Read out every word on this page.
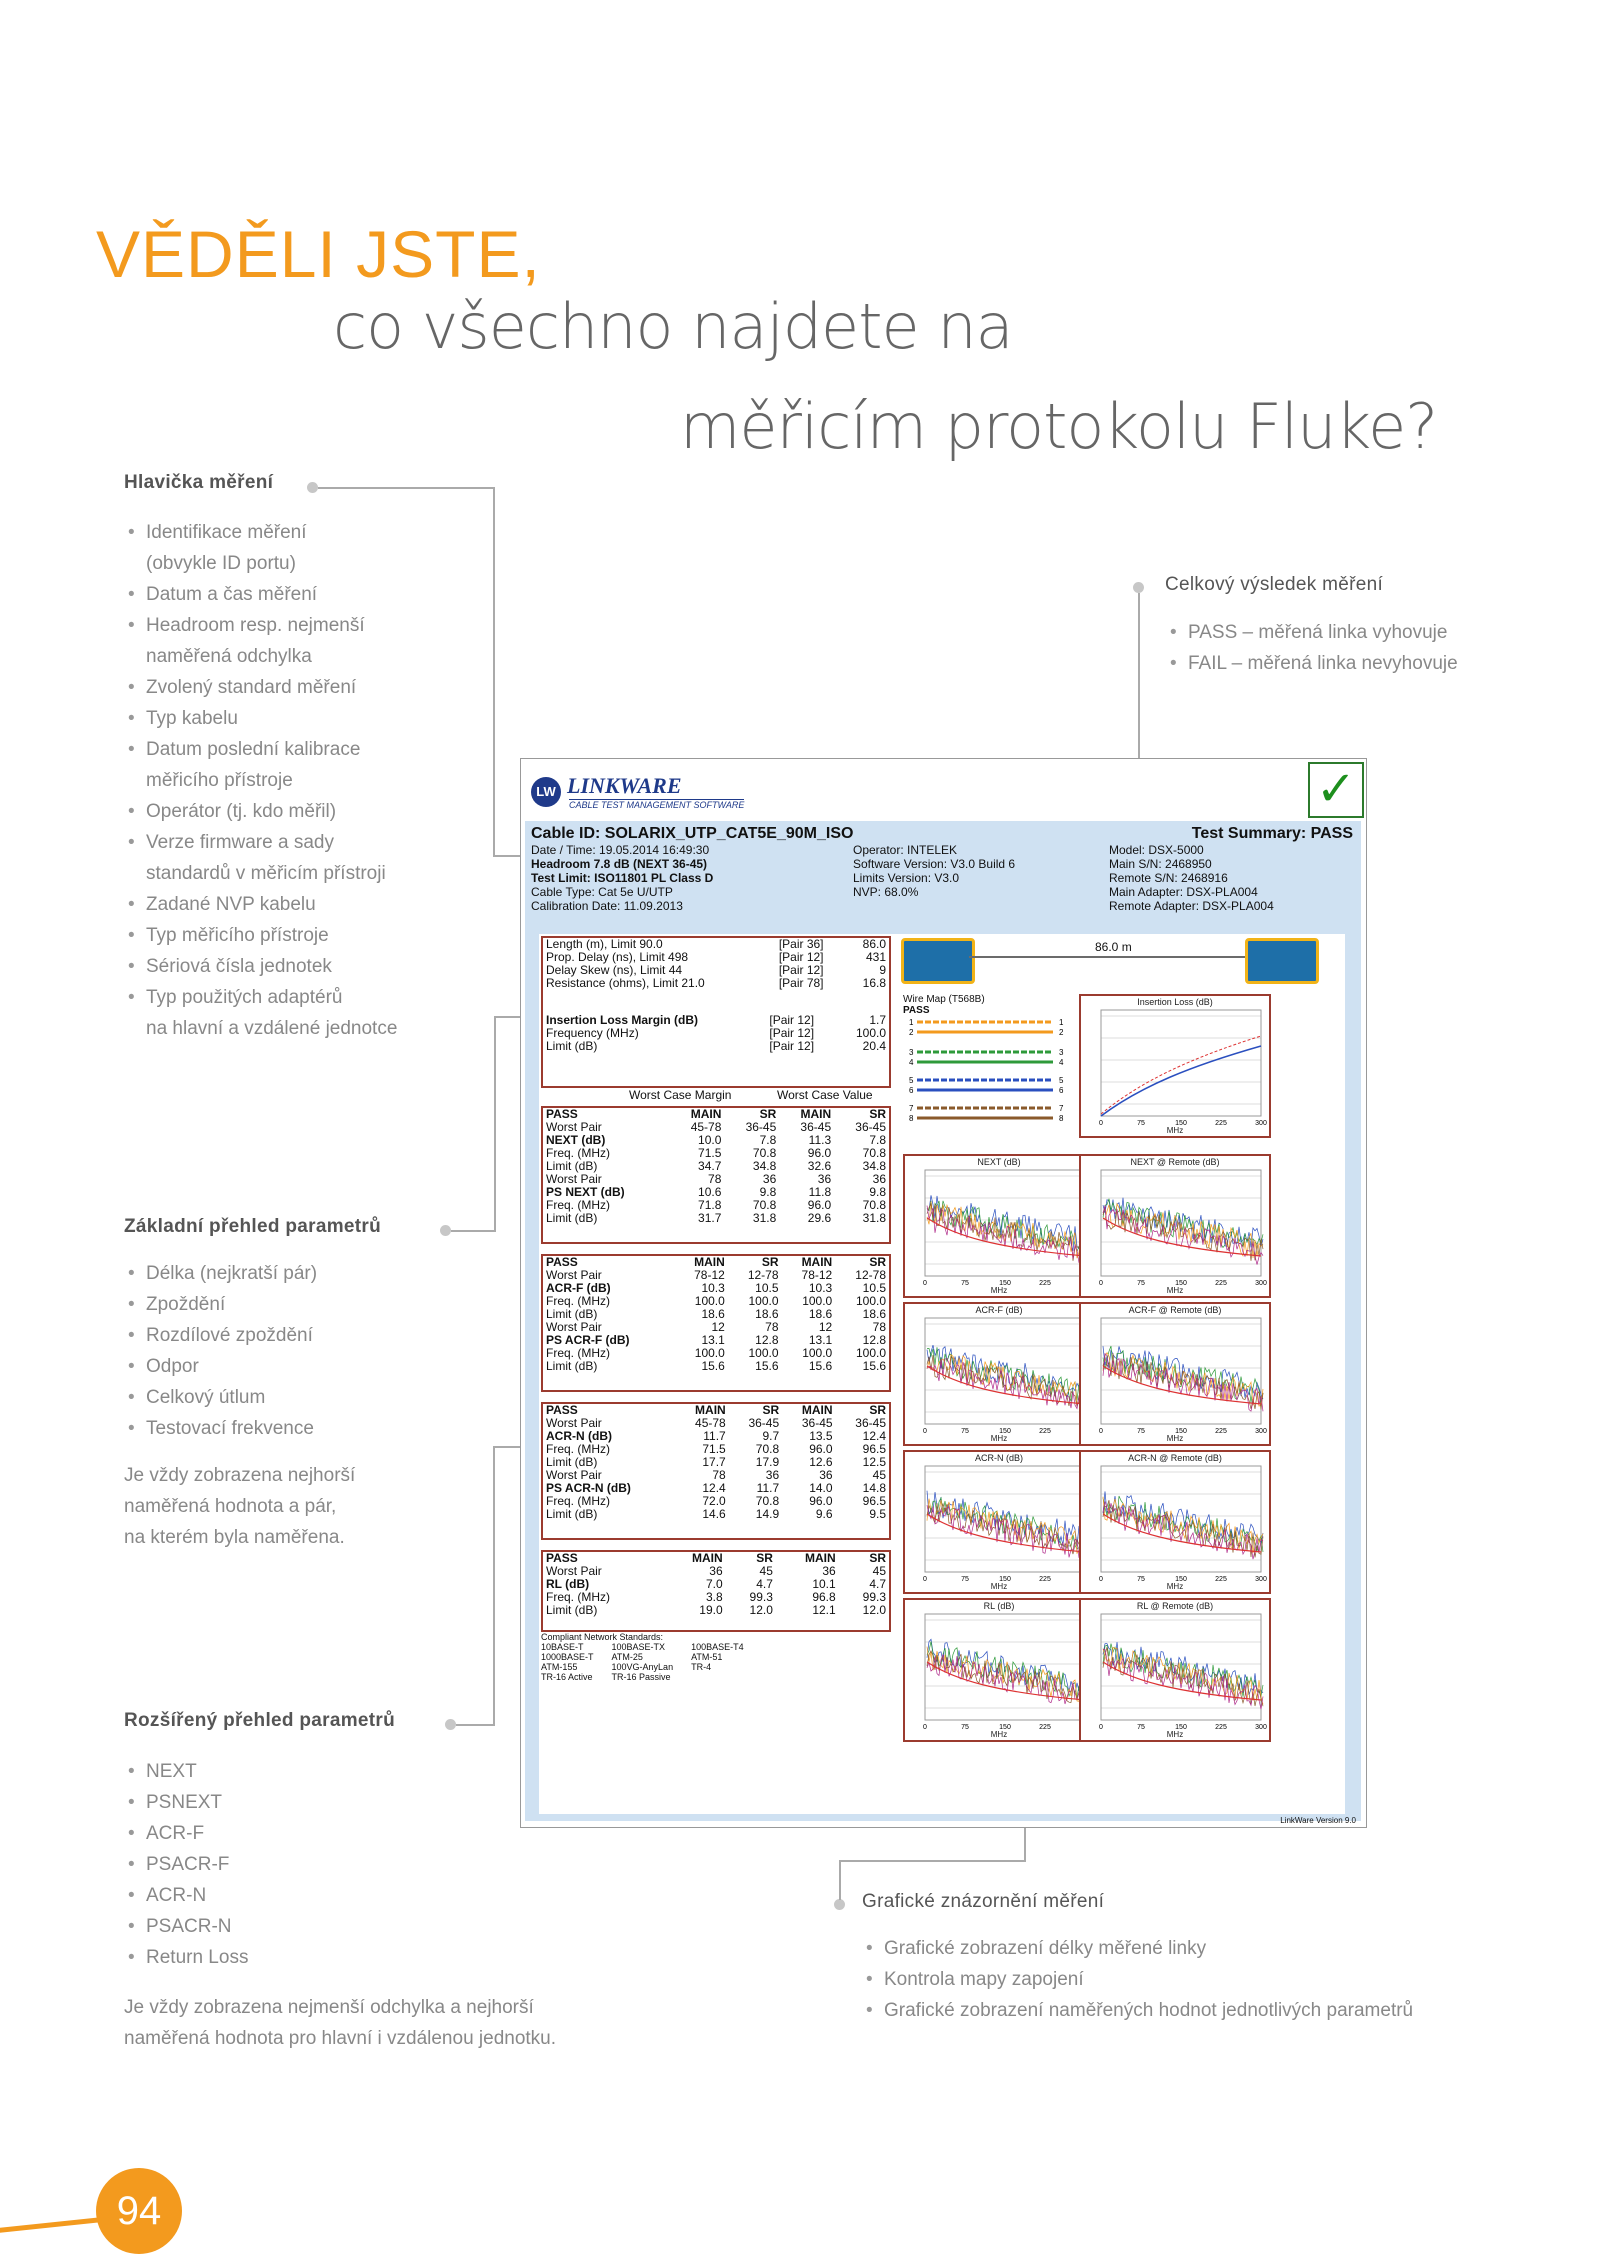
VĚDĚLI JSTE,
co všechno najdete na
měřicím protokolu Fluke?
Hlavička měření
• Identifikace měření
(obvykle ID portu)
• Datum a čas měření
• Headroom resp. nejmenší
naměřená odchylka
• Zvolený standard měření
• Typ kabelu
• Datum poslední kalibrace
měřicího přístroje
• Operátor (tj. kdo měřil)
• Verze firmware a sady
standardů v měřicím přístroji
• Zadané NVP kabelu
• Typ měřicího přístroje
• Sériová čísla jednotek
• Typ použitých adaptérů
na hlavní a vzdálené jednotce
Celkový výsledek měření
• PASS – měřená linka vyhovuje
• FAIL – měřená linka nevyhovuje
Základní přehled parametrů
• Délka (nejkratší pár)
• Zpoždění
• Rozdílové zpoždění
• Odpor
• Celkový útlum
• Testovací frekvence
Je vždy zobrazena nejhorší
naměřená hodnota a pár,
na kterém byla naměřena.
Rozšířený přehled parametrů
• NEXT
• PSNEXT
• ACR-F
• PSACR-F
• ACR-N
• PSACR-N
• Return Loss
Je vždy zobrazena nejmenší odchylka a nejhorší
naměřená hodnota pro hlavní i vzdálenou jednotku.
Grafické znázornění měření
• Grafické zobrazení délky měřené linky
• Kontrola mapy zapojení
• Grafické zobrazení naměřených hodnot jednotlivých parametrů
94
LW LINKWARE
CABLE TEST MANAGEMENT SOFTWARE	✓
Cable ID: SOLARIX_UTP_CAT5E_90M_ISO	Test Summary: PASS
Date / Time: 19.05.2014 16:49:30
Headroom 7.8 dB (NEXT 36-45)
Test Limit: ISO11801 PL Class D
Cable Type: Cat 5e U/UTP
Calibration Date: 11.09.2013
Operator: INTELEK
Software Version: V3.0 Build 6
Limits Version: V3.0
NVP: 68.0%
Model: DSX-5000
Main S/N: 2468950
Remote S/N: 2468916
Main Adapter: DSX-PLA004
Remote Adapter: DSX-PLA004
Length (m), Limit 90.0	[Pair 36]	86.0
Prop. Delay (ns), Limit 498	[Pair 12]	431
Delay Skew (ns), Limit 44	[Pair 12]	9
Resistance (ohms), Limit 21.0	[Pair 78]	16.8
Insertion Loss Margin (dB)	[Pair 12]	1.7
Frequency (MHz)	[Pair 12]	100.0
Limit (dB)	[Pair 12]	20.4
Worst Case Margin	Worst Case Value
PASS	MAIN	SR	MAIN	SR
Worst Pair	45-78	36-45	36-45	36-45
NEXT (dB)	10.0	7.8	11.3	7.8
Freq. (MHz)	71.5	70.8	96.0	70.8
Limit (dB)	34.7	34.8	32.6	34.8
Worst Pair	78	36	36	36
PS NEXT (dB)	10.6	9.8	11.8	9.8
Freq. (MHz)	71.8	70.8	96.0	70.8
Limit (dB)	31.7	31.8	29.6	31.8
PASS	MAIN	SR	MAIN	SR
Worst Pair	78-12	12-78	78-12	12-78
ACR-F (dB)	10.3	10.5	10.3	10.5
Freq. (MHz)	100.0	100.0	100.0	100.0
Limit (dB)	18.6	18.6	18.6	18.6
Worst Pair	12	78	12	78
PS ACR-F (dB)	13.1	12.8	13.1	12.8
Freq. (MHz)	100.0	100.0	100.0	100.0
Limit (dB)	15.6	15.6	15.6	15.6
PASS	MAIN	SR	MAIN	SR
Worst Pair	45-78	36-45	36-45	36-45
ACR-N (dB)	11.7	9.7	13.5	12.4
Freq. (MHz)	71.5	70.8	96.0	96.5
Limit (dB)	17.7	17.9	12.6	12.5
Worst Pair	78	36	36	45
PS ACR-N (dB)	12.4	11.7	14.0	14.8
Freq. (MHz)	72.0	70.8	96.0	96.5
Limit (dB)	14.6	14.9	9.6	9.5
PASS	MAIN	SR	MAIN	SR
Worst Pair	36	45	36	45
RL (dB)	7.0	4.7	10.1	4.7
Freq. (MHz)	3.8	99.3	96.8	99.3
Limit (dB)	19.0	12.0	12.1	12.0
Compliant Network Standards:
10BASE-T	100BASE-TX	100BASE-T4
1000BASE-T	ATM-25	ATM-51
ATM-155	100VG-AnyLan	TR-4
TR-16 Active	TR-16 Passive	
86.0 m
Wire Map (T568B)
PASS
1	1
2	2
3	3
4	4
5	5
6	6
7	7
8	8
Insertion Loss (dB)
0	75	150	225	300
MHz
NEXT (dB)
0	75	150	225
MHz
NEXT @ Remote (dB)
0	75	150	225	300
MHz
ACR-F (dB)
0	75	150	225
MHz
ACR-F @ Remote (dB)
0	75	150	225	300
MHz
ACR-N (dB)
0	75	150	225
MHz
ACR-N @ Remote (dB)
0	75	150	225	300
MHz
RL (dB)
0	75	150	225
MHz
RL @ Remote (dB)
0	75	150	225	300
MHz
LinkWare Version 9.0
